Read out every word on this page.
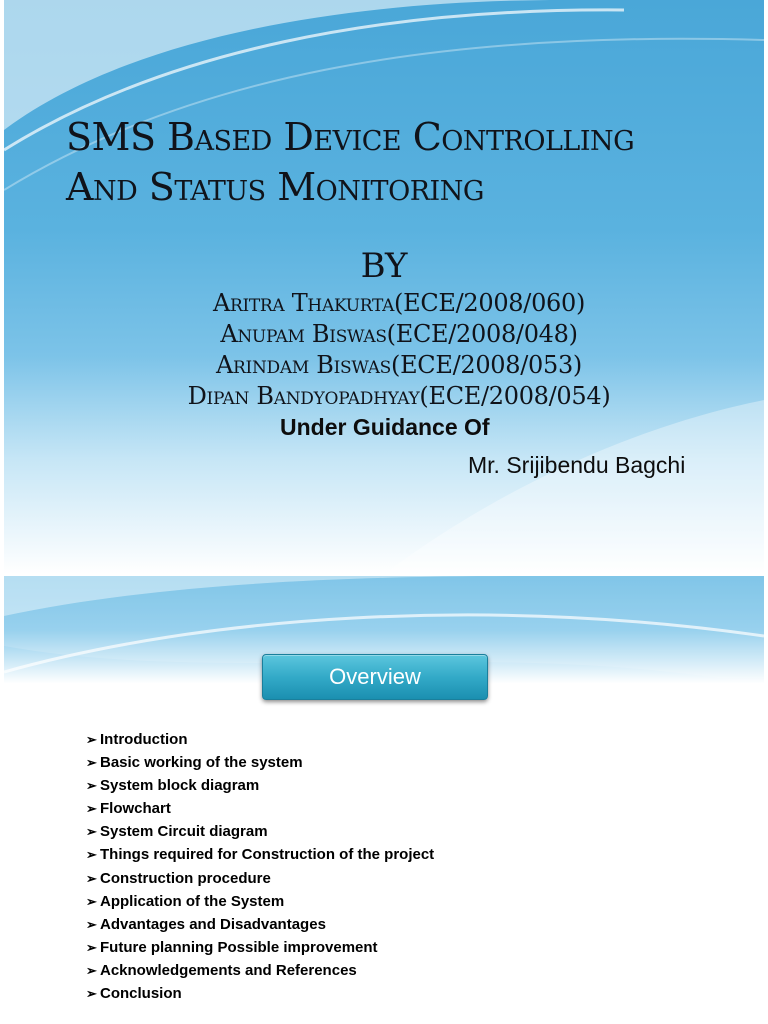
SMS Based Device Controlling
And Status Monitoring
BY
Aritra Thakurta(ECE/2008/060)
Anupam Biswas(ECE/2008/048)
Arindam Biswas(ECE/2008/053)
Dipan Bandyopadhyay(ECE/2008/054)
Under Guidance Of
Mr. Srijibendu Bagchi
Overview
➢ Introduction
➢ Basic working of the system
➢ System block diagram
➢ Flowchart
➢ System Circuit diagram
➢ Things required for Construction of the project
➢ Construction procedure
➢ Application of the System
➢ Advantages and Disadvantages
➢ Future planning Possible improvement
➢ Acknowledgements and References
➢ Conclusion
